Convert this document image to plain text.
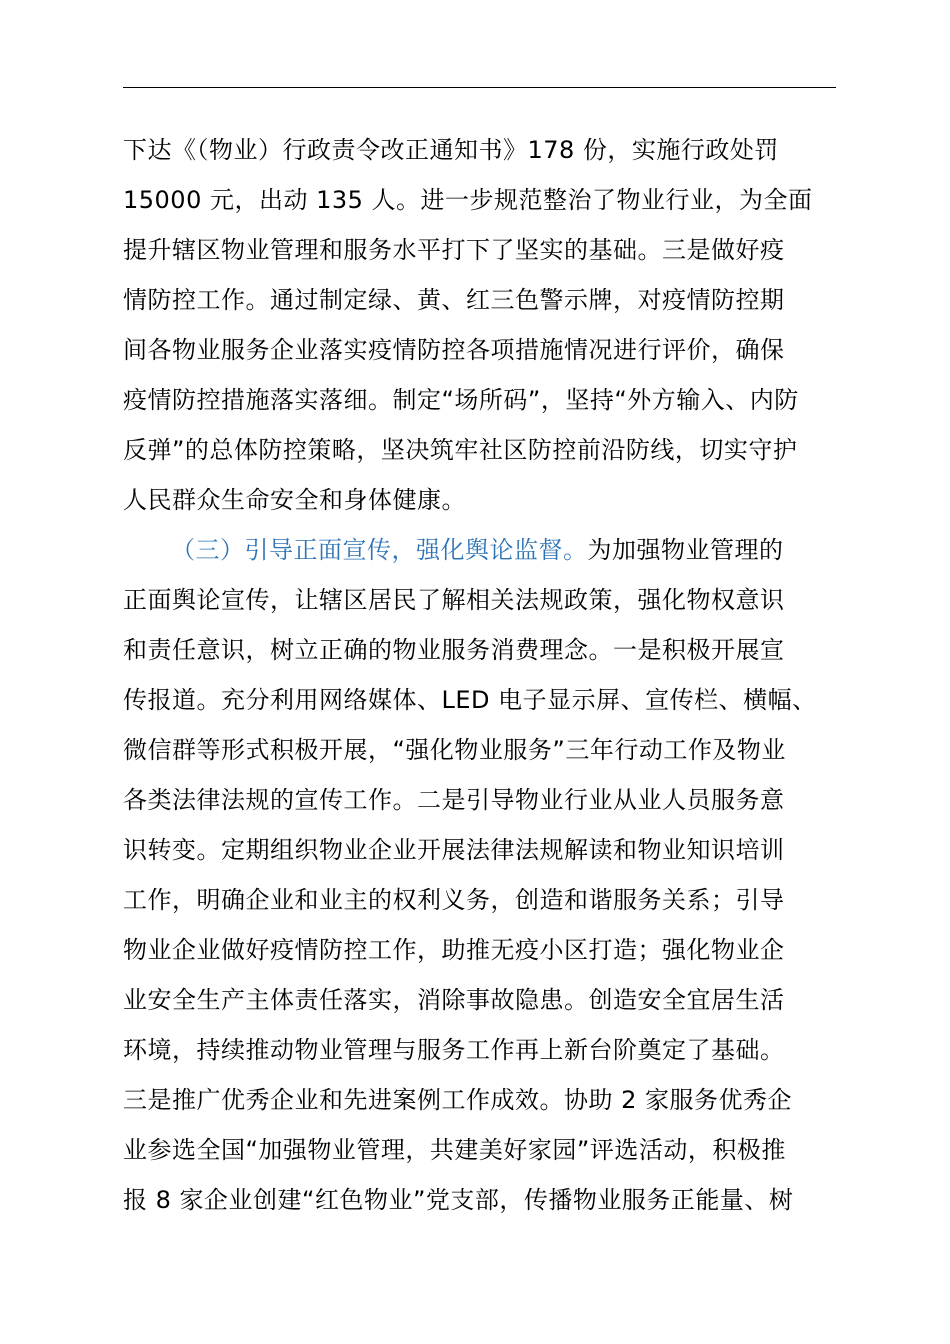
下达《（物业）行政责令改正通知书》178 份，实施行政处罚
15000 元，出动 135 人。进一步规范整治了物业行业，为全面
提升辖区物业管理和服务水平打下了坚实的基础。三是做好疫
情防控工作。通过制定绿、黄、红三色警示牌，对疫情防控期
间各物业服务企业落实疫情防控各项措施情况进行评价，确保
疫情防控措施落实落细。制定“场所码”，坚持“外方输入、内防
反弹”的总体防控策略，坚决筑牢社区防控前沿防线，切实守护
人民群众生命安全和身体健康。
（三）引导正面宣传，强化舆论监督。为加强物业管理的
正面舆论宣传，让辖区居民了解相关法规政策，强化物权意识
和责任意识，树立正确的物业服务消费理念。一是积极开展宣
传报道。充分利用网络媒体、LED 电子显示屏、宣传栏、横幅、
微信群等形式积极开展，“强化物业服务”三年行动工作及物业
各类法律法规的宣传工作。二是引导物业行业从业人员服务意
识转变。定期组织物业企业开展法律法规解读和物业知识培训
工作，明确企业和业主的权利义务，创造和谐服务关系；引导
物业企业做好疫情防控工作，助推无疫小区打造；强化物业企
业安全生产主体责任落实，消除事故隐患。创造安全宜居生活
环境，持续推动物业管理与服务工作再上新台阶奠定了基础。
三是推广优秀企业和先进案例工作成效。协助 2 家服务优秀企
业参选全国“加强物业管理，共建美好家园”评选活动，积极推
报 8 家企业创建“红色物业”党支部，传播物业服务正能量、树
